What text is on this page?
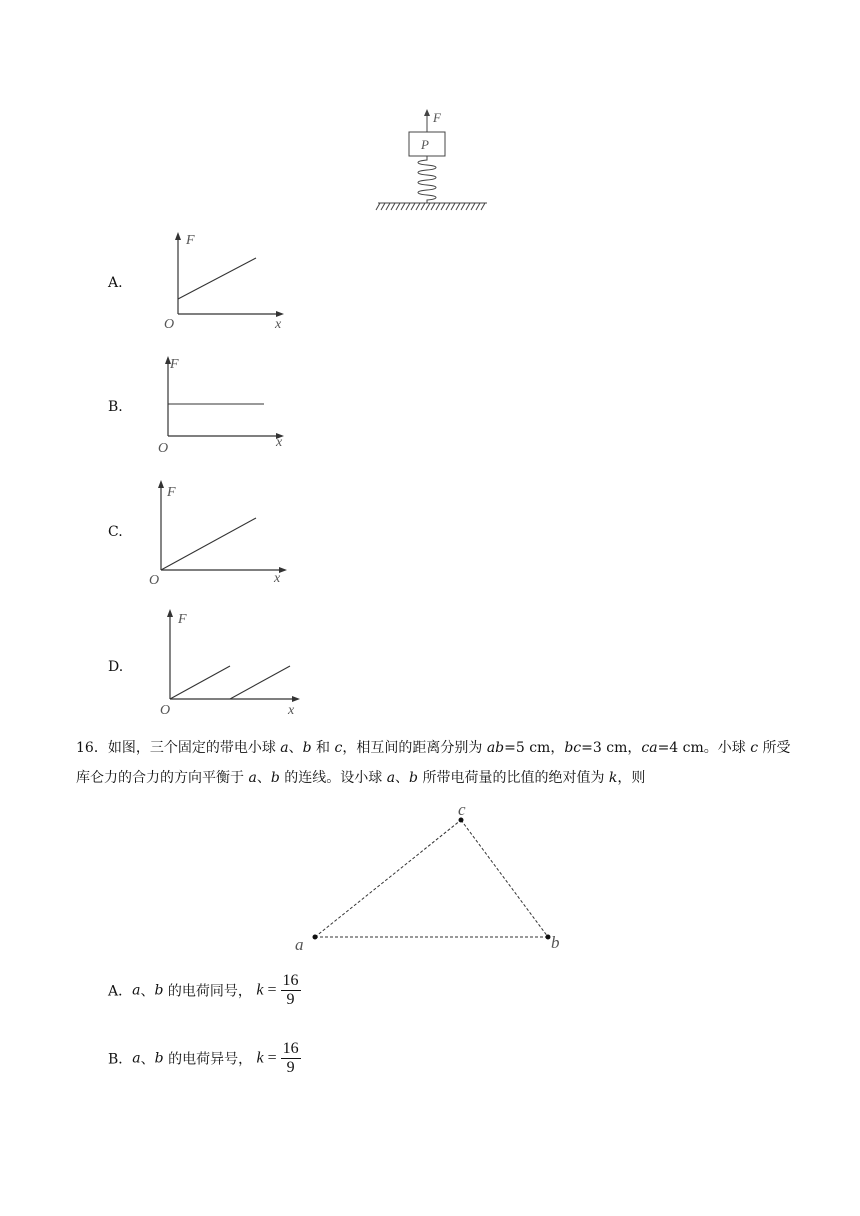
F
P
A.
F
x
O
B.
F
x
O
C.
F
x
O
D.
F
x
O
16．如图，三个固定的带电小球 a、b 和 c，相互间的距离分别为 ab=5 cm，bc=3 cm，ca=4 cm。小球 c 所受库仑力的合力的方向平衡于 a、b 的连线。设小球 a、b 所带电荷量的比值的绝对值为 k，则
a	b
c
A．a、b 的电荷同号， $k = \frac{16}{9}$
B．a、b 的电荷异号， $k = \frac{16}{9}$
